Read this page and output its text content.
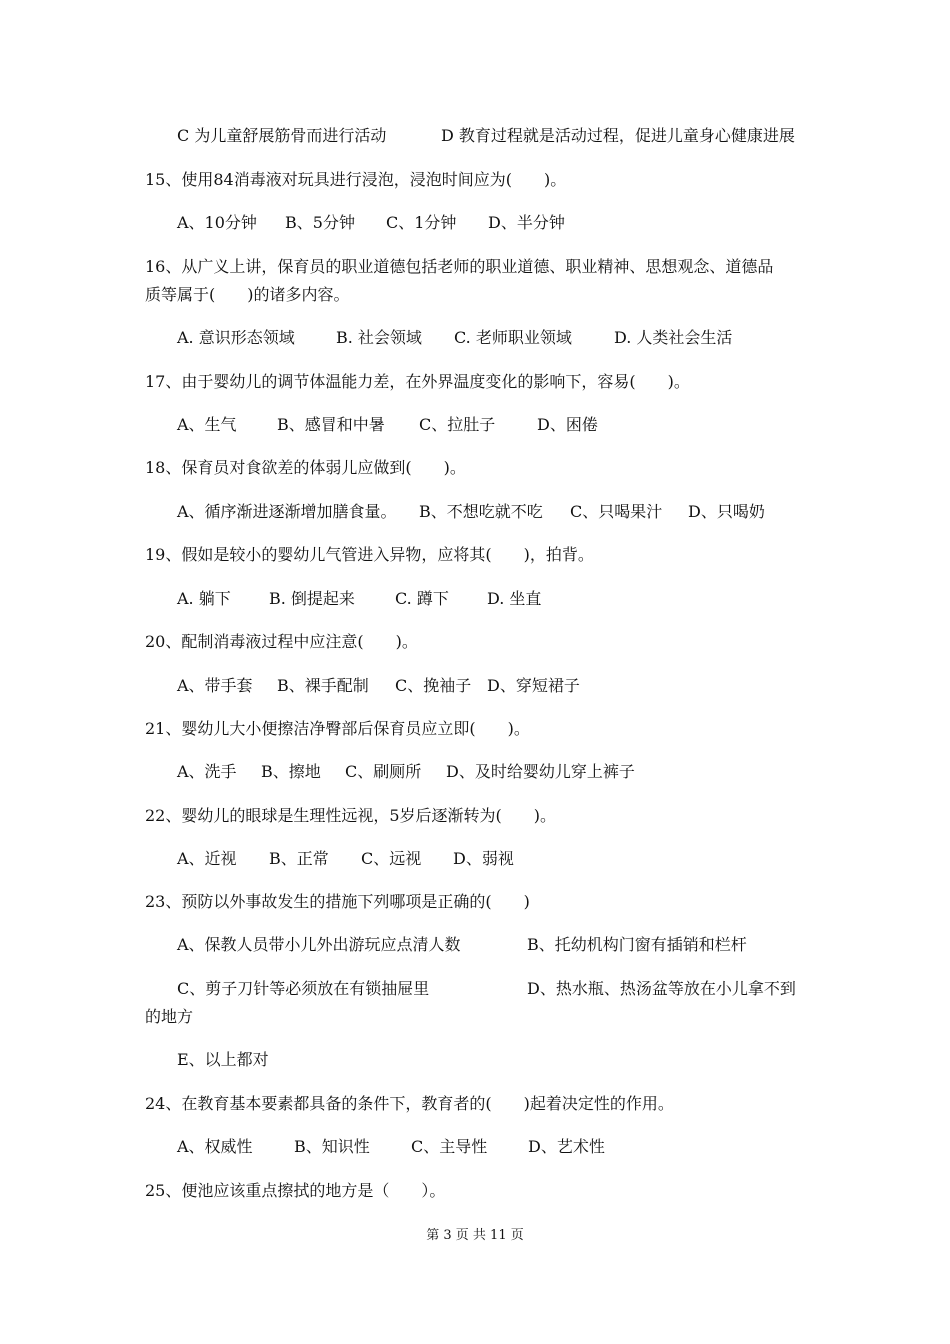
C 为儿童舒展筋骨而进行活动	D 教育过程就是活动过程，促进儿童身心健康进展
15、使用84消毒液对玩具进行浸泡，浸泡时间应为(　　)。
A、10分钟 B、5分钟 C、1分钟 D、半分钟
16、从广义上讲，保育员的职业道德包括老师的职业道德、职业精神、思想观念、道德品
质等属于(　　)的诸多内容。
A. 意识形态领域	B. 社会领域 C. 老师职业领域	D. 人类社会生活
17、由于婴幼儿的调节体温能力差，在外界温度变化的影响下，容易(　　)。
A、生气	B、感冒和中暑 C、拉肚子	D、困倦
18、保育员对食欲差的体弱儿应做到(　　)。
A、循序渐进逐渐增加膳食量。 B、不想吃就不吃 C、只喝果汁 D、只喝奶
19、假如是较小的婴幼儿气管进入异物，应将其(　　)，拍背。
A. 躺下 B. 倒提起来	C. 蹲下 D. 坐直
20、配制消毒液过程中应注意(　　)。
A、带手套 B、裸手配制 C、挽袖子 D、穿短裙子
21、婴幼儿大小便擦洁净臀部后保育员应立即(　　)。
A、洗手 B、擦地 C、刷厕所 D、及时给婴幼儿穿上裤子
22、婴幼儿的眼球是生理性远视，5岁后逐渐转为(　　)。
A、近视 B、正常 C、远视 D、弱视
23、预防以外事故发生的措施下列哪项是正确的(　　)
A、保教人员带小儿外出游玩应点清人数	B、托幼机构门窗有插销和栏杆
C、剪子刀针等必须放在有锁抽屉里	D、热水瓶、热汤盆等放在小儿拿不到
的地方
E、以上都对
24、在教育基本要素都具备的条件下，教育者的(　　)起着决定性的作用。
A、权威性	B、知识性	C、主导性	D、艺术性
25、便池应该重点擦拭的地方是（　　）。
第 3 页 共 11 页
